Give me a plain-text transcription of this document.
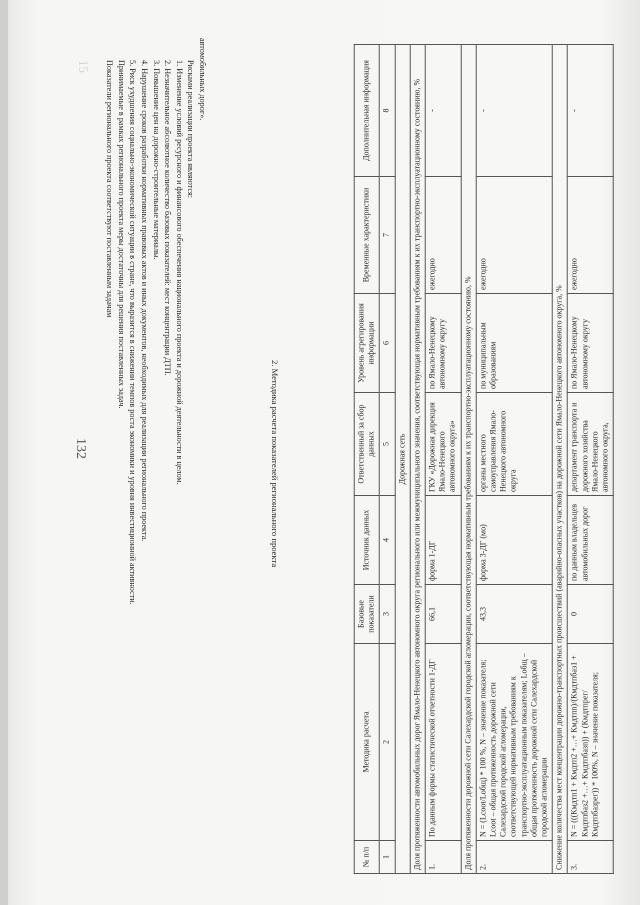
15
132
автомобильных дорог».
Рисками реализации проекта являются:
1. Изменение условий ресурсного и финансового обеспечения национального проекта и дорожной деятельности в целом.
2. Незначительное абсолютное количество базовых показателей: мест концентрации ДТП.
3. Повышение цен на дорожно-строительные материалы.
4. Нарушение сроков разработки нормативных правовых актов и иных документов, необходимых для реализации регионального проекта.
5. Риск ухудшения социально-экономической ситуации в стране, что выразится в снижении темпов роста экономики и уровня инвестиционной активности.
Принимаемые в рамках регионального проекта меры достаточны для решения поставленных задач.
Показатели регионального проекта соответствуют поставленным задачам
2. Методика расчета показателей регионального проекта
№ п/п	Методика расчета	Базовые показатели	Источник данных	Ответственный за сбор данных	Уровень агрегирования информации	Временные характеристики	Дополнительная информация
1	2	3	4	5	6	7	8
Дорожная сеть							
Доля протяженности автомобильных дорог Ямало-Ненецкого автономного округа регионального или межмуниципального значения, соответствующая нормативным требованиям к их транспортно-эксплуатационному состоянию, %							
1.	По данным формы статистической отчетности 1-ДГ	66,1	форма 1-ДГ	ГКУ «Дорожная дирекция Ямало-Ненецкого автономного округа»	по Ямало-Ненецкому автономному округу	ежегодно	-
Доля протяженности дорожной сети Салехардской городской агломерации, соответствующая нормативным требованиям к их транспортно-эксплуатационному состоянию, %							
2.	N = (Lcoot/Lобщ) * 100 %, N – значение показателя; Lcoot – общая протяженность дорожной сети Салехардской городской агломерации, соответствующей нормативным требованиям к транспортно-эксплуатационным показателям; Lобщ – общая протяженность дорожной сети Салехардской городской агломерации	43,3	форма 3-ДГ (мо)	органы местного самоуправления Ямало-Ненецкого автономного округа	по муниципальным образованиям	ежегодно	-
Снижение количества мест концентрации дорожно-транспортных происшествий (аварийно-опасных участков) на дорожной сети Ямало-Ненецкого автономного округа, %							
3.	N = (((Кмдтп1 + Кмдтп2 +…+ Кмдтпn)/(Кмдтпбаз1 + Кмдтпбаз2 +…+ Кмдтпбазn)) + (Кмдтпрег/Кмдтпбазрег)) * 100%, N – значение показателя;	0	по данным владельцев автомобильных дорог	департамент транспорта и дорожного хозяйства Ямало-Ненецкого автономного округа,	по Ямало-Ненецкому автономному округу	ежегодно	-
